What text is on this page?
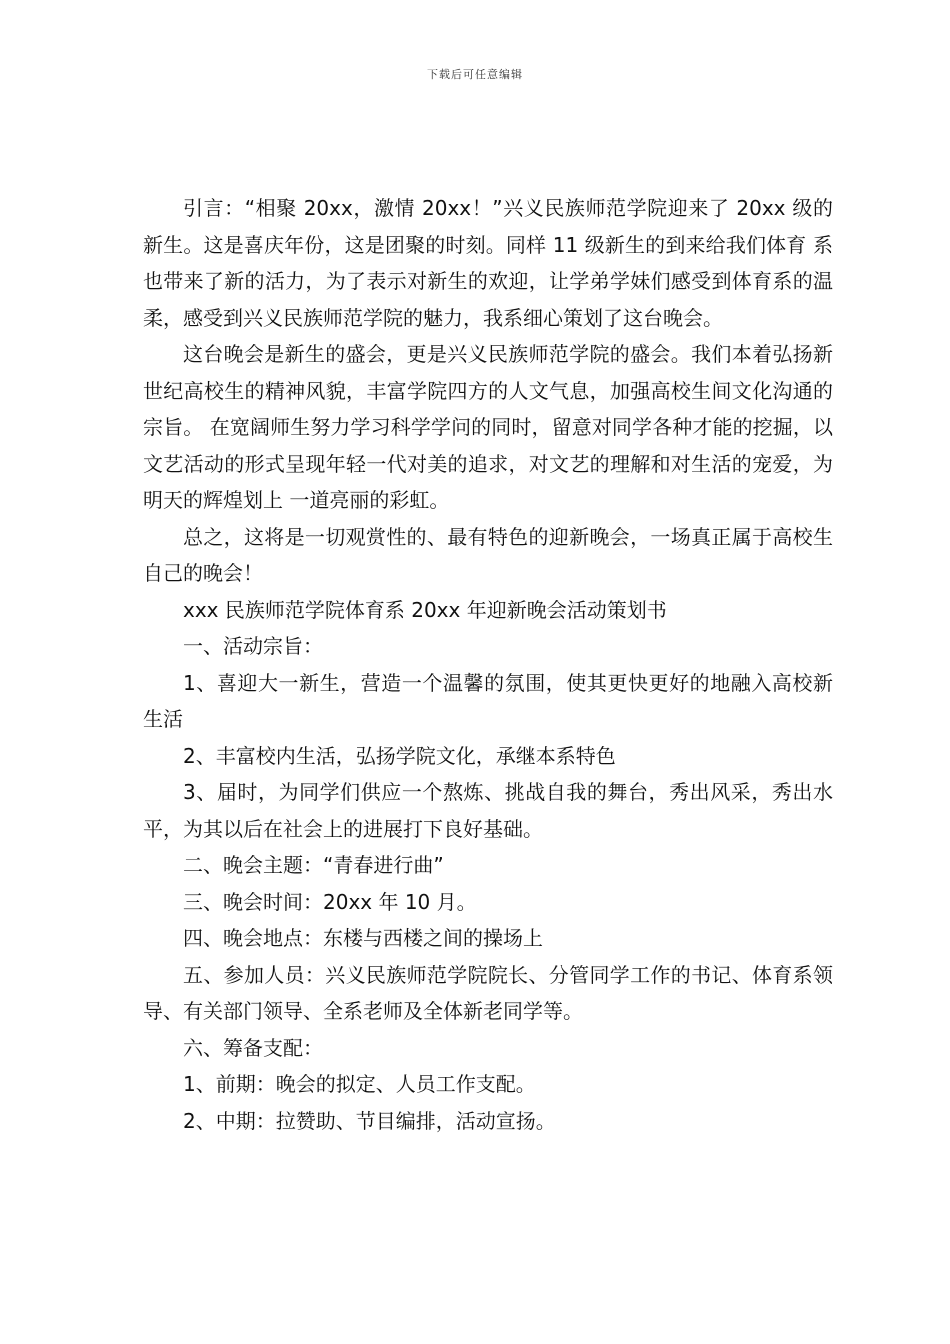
下载后可任意编辑

引言：“相聚 20xx，激情 20xx！”兴义民族师范学院迎来了 20xx 级的新生。这是喜庆年份，这是团聚的时刻。同样 11 级新生的到来给我们体育 系也带来了新的活力，为了表示对新生的欢迎，让学弟学妹们感受到体育系的温柔，感受到兴义民族师范学院的魅力，我系细心策划了这台晚会。

这台晚会是新生的盛会，更是兴义民族师范学院的盛会。我们本着弘扬新世纪高校生的精神风貌，丰富学院四方的人文气息，加强高校生间文化沟通的宗旨。 在宽阔师生努力学习科学学问的同时，留意对同学各种才能的挖掘，以文艺活动的形式呈现年轻一代对美的追求，对文艺的理解和对生活的宠爱，为明天的辉煌划上 一道亮丽的彩虹。

总之，这将是一切观赏性的、最有特色的迎新晚会，一场真正属于高校生自己的晚会！

xxx 民族师范学院体育系 20xx 年迎新晚会活动策划书

一、活动宗旨：

1、喜迎大一新生，营造一个温馨的氛围，使其更快更好的地融入高校新生活

2、丰富校内生活，弘扬学院文化，承继本系特色

3、届时，为同学们供应一个熬炼、挑战自我的舞台，秀出风采，秀出水平，为其以后在社会上的进展打下良好基础。

二、晚会主题：“青春进行曲”

三、晚会时间：20xx 年 10 月。

四、晚会地点：东楼与西楼之间的操场上

五、参加人员：兴义民族师范学院院长、分管同学工作的书记、体育系领导、有关部门领导、全系老师及全体新老同学等。

六、筹备支配：

1、前期：晚会的拟定、人员工作支配。

2、中期：拉赞助、节目编排，活动宣扬。
